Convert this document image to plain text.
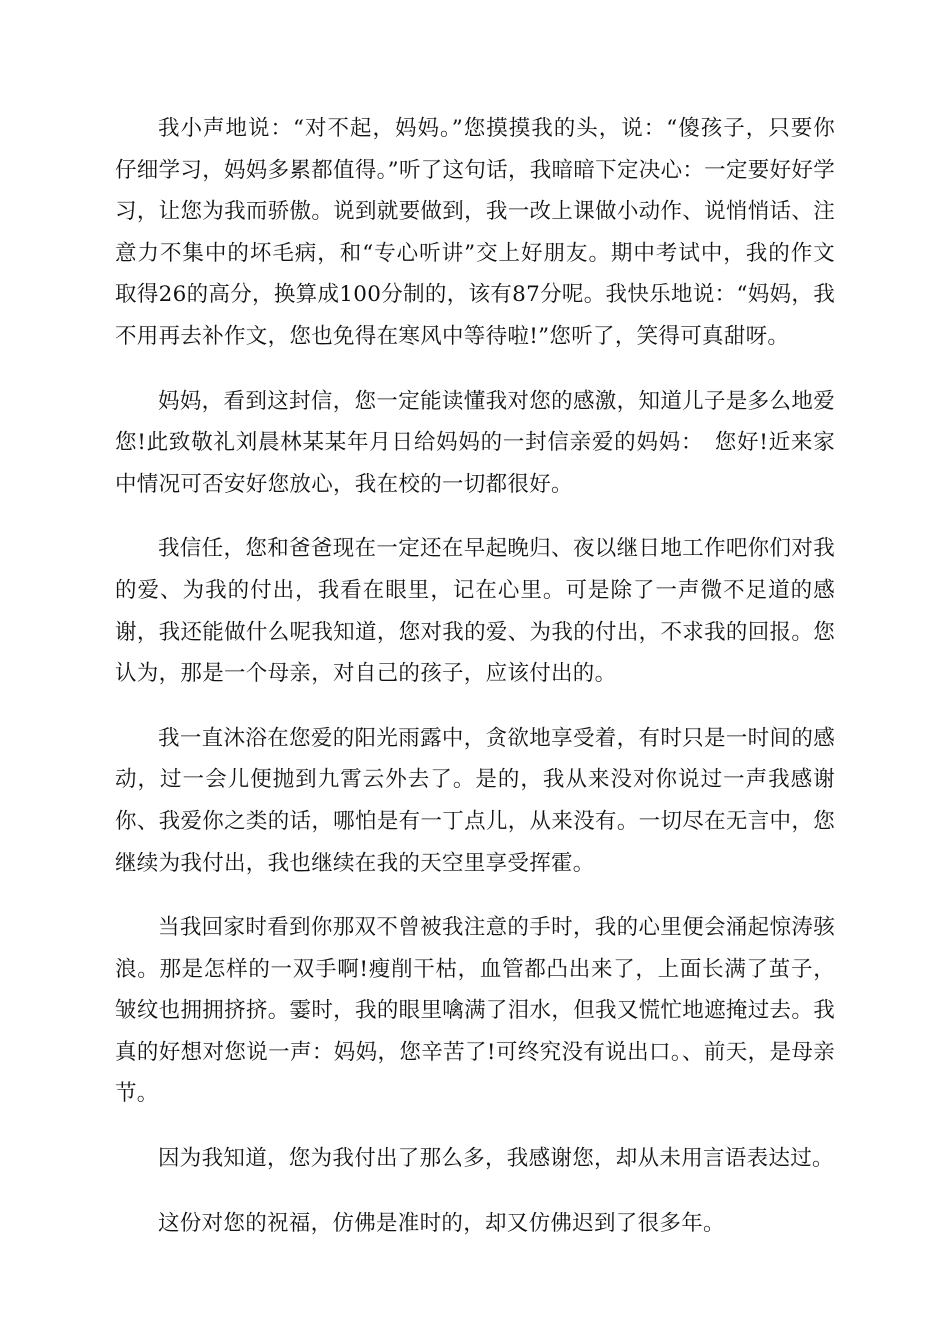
我小声地说：“对不起，妈妈。”您摸摸我的头，说：“傻孩子，只要你仔细学习，妈妈多累都值得。”听了这句话，我暗暗下定决心：一定要好好学习，让您为我而骄傲。说到就要做到，我一改上课做小动作、说悄悄话、注意力不集中的坏毛病，和“专心听讲”交上好朋友。期中考试中，我的作文取得26的高分，换算成100分制的，该有87分呢。我快乐地说：“妈妈，我不用再去补作文，您也免得在寒风中等待啦!”您听了，笑得可真甜呀。

妈妈，看到这封信，您一定能读懂我对您的感激，知道儿子是多么地爱您!此致敬礼刘晨林某某年月日给妈妈的一封信亲爱的妈妈：　您好!近来家中情况可否安好您放心，我在校的一切都很好。

我信任，您和爸爸现在一定还在早起晚归、夜以继日地工作吧你们对我的爱、为我的付出，我看在眼里，记在心里。可是除了一声微不足道的感谢，我还能做什么呢我知道，您对我的爱、为我的付出，不求我的回报。您认为，那是一个母亲，对自己的孩子，应该付出的。

我一直沐浴在您爱的阳光雨露中，贪欲地享受着，有时只是一时间的感动，过一会儿便抛到九霄云外去了。是的，我从来没对你说过一声我感谢你、我爱你之类的话，哪怕是有一丁点儿，从来没有。一切尽在无言中，您继续为我付出，我也继续在我的天空里享受挥霍。

当我回家时看到你那双不曾被我注意的手时，我的心里便会涌起惊涛骇浪。那是怎样的一双手啊!瘦削干枯，血管都凸出来了，上面长满了茧子，皱纹也拥拥挤挤。霎时，我的眼里噙满了泪水，但我又慌忙地遮掩过去。我真的好想对您说一声：妈妈，您辛苦了!可终究没有说出口。、前天，是母亲节。

因为我知道，您为我付出了那么多，我感谢您，却从未用言语表达过。

这份对您的祝福，仿佛是准时的，却又仿佛迟到了很多年。
